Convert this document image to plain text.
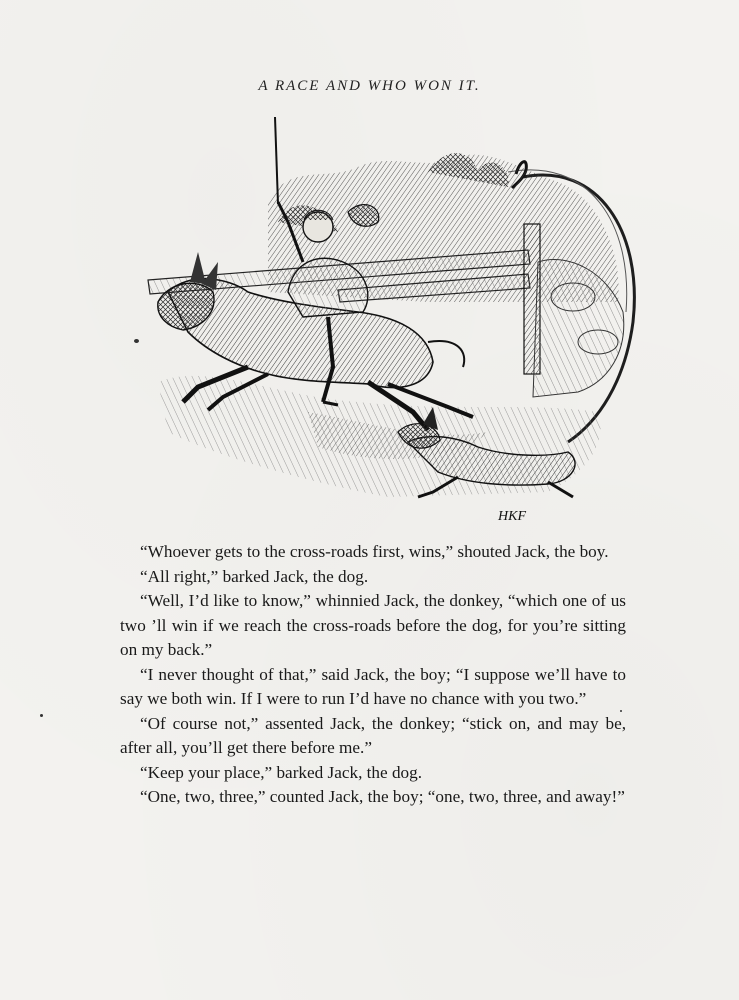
A RACE AND WHO WON IT.
HKF

“Whoever gets to the cross-roads first, wins,” shouted Jack, the boy.

“All right,” barked Jack, the dog.

“Well, I’d like to know,” whinnied Jack, the donkey, “which one of us two ’ll win if we reach the cross-roads before the dog, for you’re sitting on my back.”

“I never thought of that,” said Jack, the boy; “I suppose we’ll have to say we both win. If I were to run I’d have no chance with you two.”

“Of course not,” assented Jack, the donkey; “stick on, and may be, after all, you’ll get there before me.”

“Keep your place,” barked Jack, the dog.

“One, two, three,” counted Jack, the boy; “one, two, three, and away!”
